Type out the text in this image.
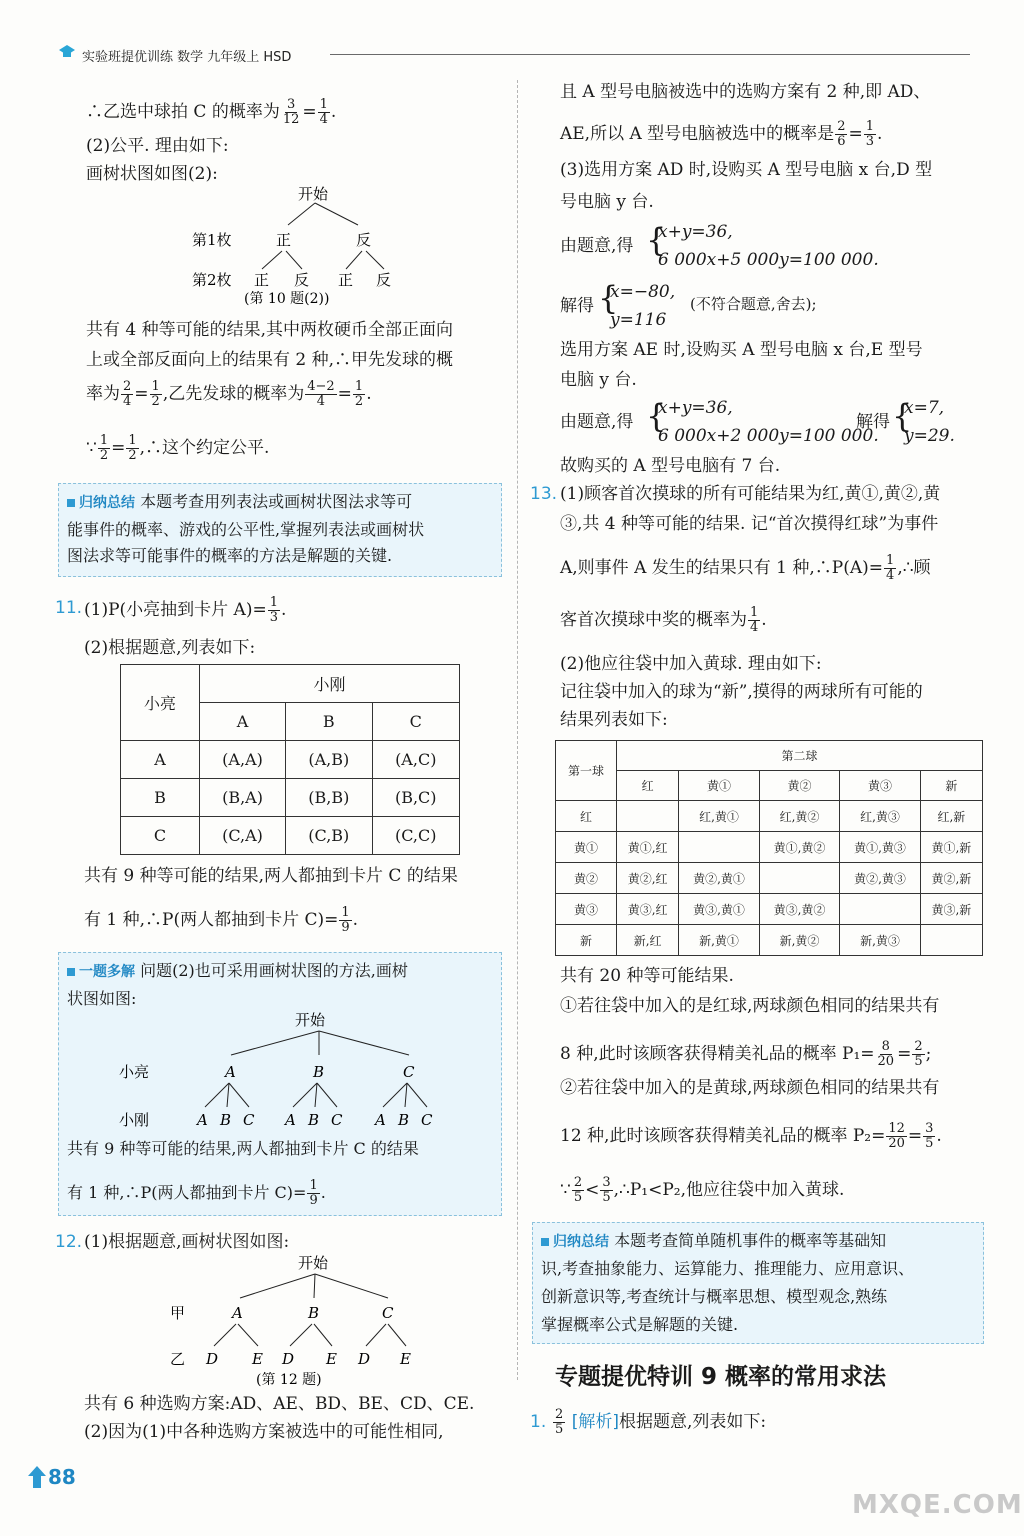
实验班提优训练 数学 九年级上 HSD
∴乙选中球拍 C 的概率为 $\frac{3}{12} = \frac{1}{4}$ .
(2)公平. 理由如下:
画树状图如图(2):
开始
第1枚	正	反
第2枚 正 反 正 反
(第 10 题(2))
共有 4 种等可能的结果,其中两枚硬币全部正面向
上或全部反面向上的结果有 2 种,∴甲先发球的概
率为 $\frac{2}{4} = \frac{1}{2}$ ,乙先发球的概率为 $\frac{4-2}{4} = \frac{1}{2}$ .
∵ $\frac{1}{2} = \frac{1}{2}$ ,∴这个约定公平.
归纳总结 本题考查用列表法或画树状图法求等可
能事件的概率、游戏的公平性,掌握列表法或画树状
图法求等可能事件的概率的方法是解题的关键.
11. (1)P(小亮抽到卡片 $A)= \frac{1}{3}$ .
(2)根据题意,列表如下:
小亮	小刚		
	A	B	C
A	(A,A)	(A,B)	(A,C)
B	(B,A)	(B,B)	(B,C)
C	(C,A)	(C,B)	(C,C)
共有 9 种等可能的结果,两人都抽到卡片 C 的结果
有 1 种,∴P(两人都抽到卡片 $C)= \frac{1}{9}$ .
一题多解 问题(2)也可采用画树状图的方法,画树
状图如图:
开始
小亮	A	B	C
小刚	A B C A B C A B C
共有 9 种等可能的结果,两人都抽到卡片 C 的结果
有 1 种,∴P(两人都抽到卡片 $C)= \frac{1}{9}$ .
12. (1)根据题意,画树状图如图:
开始
甲	A	B	C
乙 D E D E D E
(第 12 题)
共有 6 种选购方案:AD、AE、BD、BE、CD、CE.
(2)因为(1)中各种选购方案被选中的可能性相同,
88
且 A 型号电脑被选中的选购方案有 2 种,即 AD、
AE,所以 A 型号电脑被选中的概率是 $\frac{2}{6} = \frac{1}{3}$ .
(3)选用方案 AD 时,设购买 A 型号电脑 x 台,D 型
号电脑 y 台.
由题意,得 {
x+y=36,
6 000x+5 000y=100 000.
解得 {
x=−80,
y=116
(不符合题意,舍去);
选用方案 AE 时,设购买 A 型号电脑 x 台,E 型号
电脑 y 台.
由题意,得 {
x+y=36,
6 000x+2 000y=100 000.
解得 {
x=7,
y=29.
故购买的 A 型号电脑有 7 台.
13. (1)顾客首次摸球的所有可能结果为红,黄①,黄②,黄
③,共 4 种等可能的结果. 记“首次摸得红球”为事件
A,则事件 A 发生的结果只有 1 种,∴P(A)= $\frac{1}{4}$ ,∴顾
客首次摸球中奖的概率为 $\frac{1}{4}$ .
(2)他应往袋中加入黄球. 理由如下:
记往袋中加入的球为“新”,摸得的两球所有可能的
结果列表如下:
第一球	第二球				
	红	黄①	黄②	黄③	新
红		红,黄①	红,黄②	红,黄③	红,新
黄①	黄①,红		黄①,黄②	黄①,黄③	黄①,新
黄②	黄②,红	黄②,黄①		黄②,黄③	黄②,新
黄③	黄③,红	黄③,黄①	黄③,黄②		黄③,新
新	新,红	新,黄①	新,黄②	新,黄③	
共有 20 种等可能结果.
①若往袋中加入的是红球,两球颜色相同的结果共有
8 种,此时该顾客获得精美礼品的概率 $P_1= \frac{8}{20} = \frac{2}{5}$ ;
②若往袋中加入的是黄球,两球颜色相同的结果共有
12 种,此时该顾客获得精美礼品的概率 $P_2= \frac{12}{20} = \frac{3}{5}$ .
∵ $\frac{2}{5} < \frac{3}{5}$ ,∴P₁<P₂,他应往袋中加入黄球.
归纳总结 本题考查简单随机事件的概率等基础知
识,考查抽象能力、运算能力、推理能力、应用意识、
创新意识等,考查统计与概率思想、模型观念,熟练
掌握概率公式是解题的关键.
专题提优特训 9 概率的常用求法
1. $\frac{2}{5}$ [解析]根据题意,列表如下:
MXQE.COM
